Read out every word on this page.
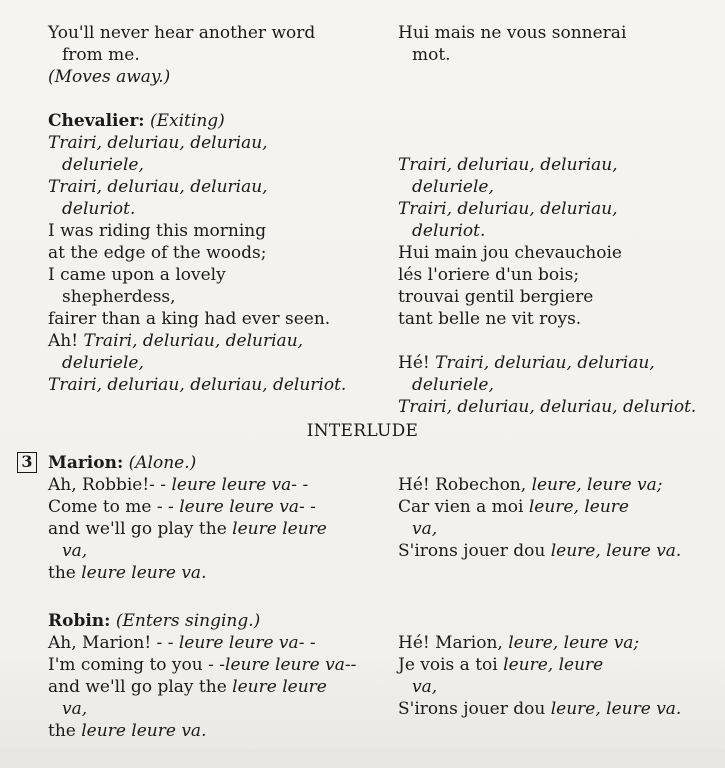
You'll never hear another word
from me.
(Moves away.)
Chevalier: (Exiting)
Trairi, deluriau, deluriau,
deluriele,
Trairi, deluriau, deluriau,
deluriot.
I was riding this morning
at the edge of the woods;
I came upon a lovely
shepherdess,
fairer than a king had ever seen.
Ah! Trairi, deluriau, deluriau,
deluriele,
Trairi, deluriau, deluriau, deluriot.
Hui mais ne vous sonnerai
mot.
Trairi, deluriau, deluriau,
deluriele,
Trairi, deluriau, deluriau,
deluriot.
Hui main jou chevauchoie
lés l'oriere d'un bois;
trouvai gentil bergiere
tant belle ne vit roys.
Hé! Trairi, deluriau, deluriau,
deluriele,
Trairi, deluriau, deluriau, deluriot.
INTERLUDE
3 Marion: (Alone.)
Ah, Robbie!- - leure leure va- -
Come to me - - leure leure va- -
and we'll go play the leure leure
va,
the leure leure va.
Hé! Robechon, leure, leure va;
Car vien a moi leure, leure
va,
S'irons jouer dou leure, leure va.
Robin: (Enters singing.)
Ah, Marion! - - leure leure va- -
I'm coming to you - -leure leure va--
and we'll go play the leure leure
va,
the leure leure va.
Hé! Marion, leure, leure va;
Je vois a toi leure, leure
va,
S'irons jouer dou leure, leure va.
